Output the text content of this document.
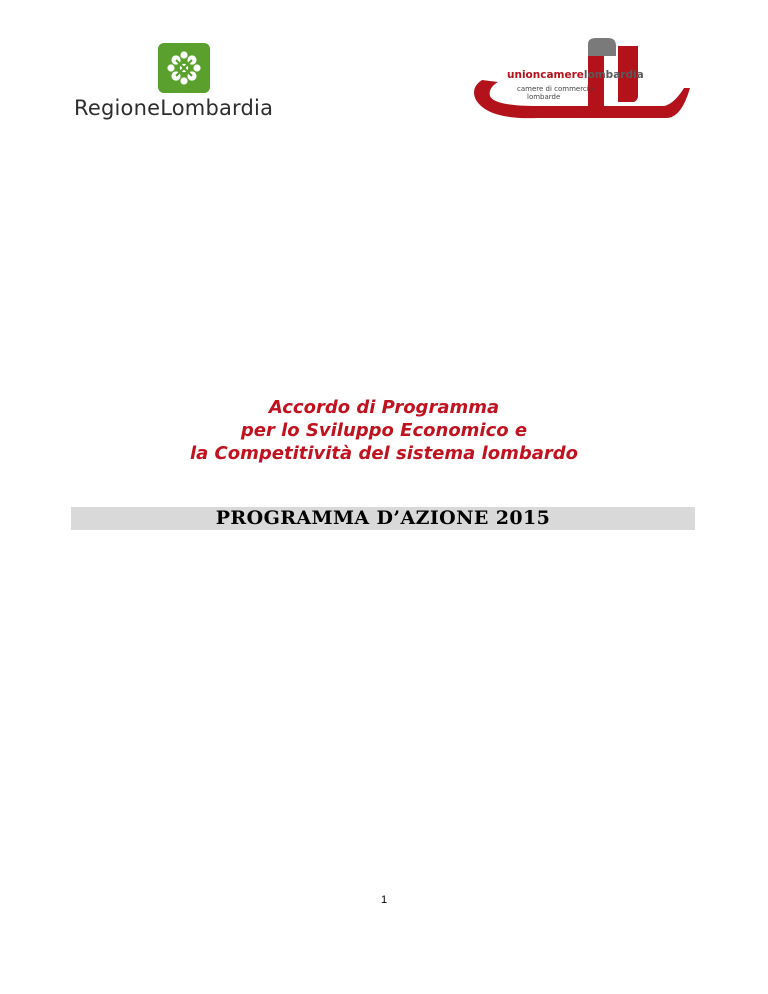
RegioneLombardia
unioncamerelombardia
camere di commercio
lombarde
Accordo di Programma
per lo Sviluppo Economico e
la Competitività del sistema lombardo
PROGRAMMA D’AZIONE 2015
1
